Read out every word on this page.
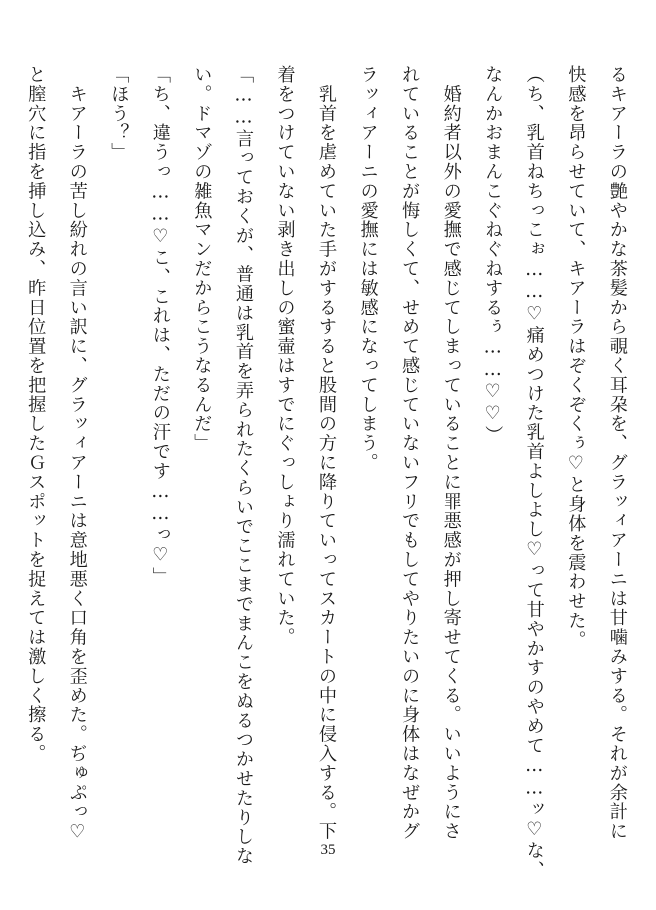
るキアーラの艶やかな茶髪から覗く耳朶を、グラッィアーニは甘噛みする。それが余計に
快感を昂らせていて、キアーラはぞくぞくぅ♡と身体を震わせた。
（ち、乳首ねちっこぉ……♡痛めつけた乳首よしよし♡って甘やかすのやめて……ッ♡な、
なんかおまんこぐねぐねするぅ……♡♡）
　婚約者以外の愛撫で感じてしまっていることに罪悪感が押し寄せてくる。いいようにさ
れていることが悔しくて、せめて感じていないフリでもしてやりたいのに身体はなぜかグ
ラッィアーニの愛撫には敏感になってしまう。
　乳首を虐めていた手がするすると股間の方に降りていってスカートの中に侵入する。下
着をつけていない剥き出しの蜜壷はすでにぐっしょり濡れていた。
「……言っておくが、普通は乳首を弄られたくらいでここまでまんこをぬるつかせたりしな
い。ドマゾの雑魚マンだからこうなるんだ」
「ち、違うっ……♡こ、これは、ただの汗です……っ♡」
「ほう？」
　キアーラの苦し紛れの言い訳に、グラッィアーニは意地悪く口角を歪めた。ぢゅぷっ♡
と膣穴に指を挿し込み、昨日位置を把握したＧスポットを捉えては激しく擦る。
35
